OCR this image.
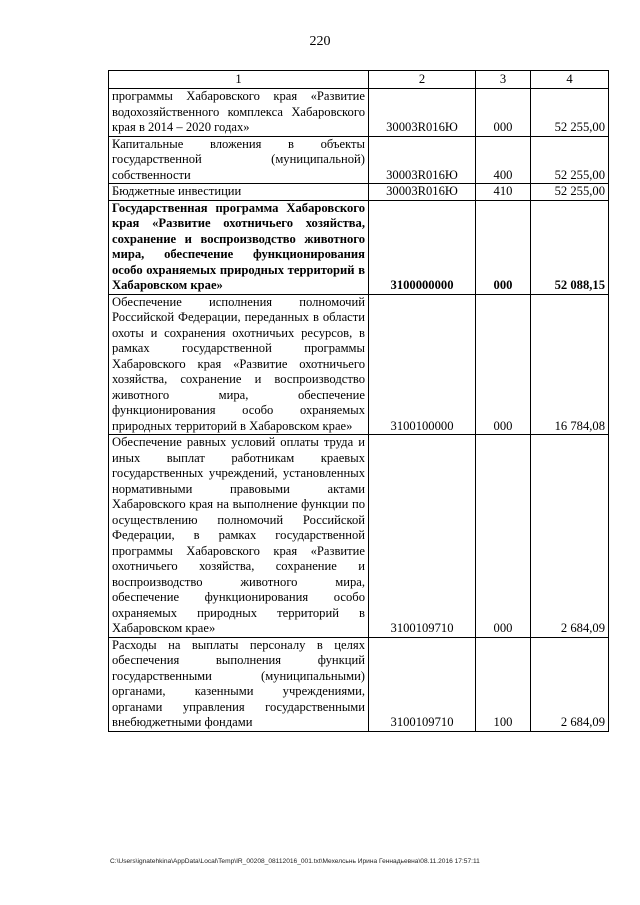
220
1	2	3	4
программы Хабаровского края «Развитие водохозяйственного комплекса Хабаровского края в 2014 – 2020 годах»	30003R016Ю	000	52 255,00
Капитальные вложения в объекты государственной (муниципальной) собственности	30003R016Ю	400	52 255,00
Бюджетные инвестиции	30003R016Ю	410	52 255,00
Государственная программа Хабаровского края «Развитие охотничьего хозяйства, сохранение и воспроизводство животного мира, обеспечение функционирования особо охраняемых природных территорий в Хабаровском крае»	3100000000	000	52 088,15
Обеспечение исполнения полномочий Российской Федерации, переданных в области охоты и сохранения охотничьих ресурсов, в рамках государственной программы Хабаровского края «Развитие охотничьего хозяйства, сохранение и воспроизводство животного мира, обеспечение функционирования особо охраняемых природных территорий в Хабаровском крае»	3100100000	000	16 784,08
Обеспечение равных условий оплаты труда и иных выплат работникам краевых государственных учреждений, установленных нормативными правовыми актами Хабаровского края на выполнение функции по осуществлению полномочий Российской Федерации, в рамках государственной программы Хабаровского края «Развитие охотничьего хозяйства, сохранение и воспроизводство животного мира, обеспечение функционирования особо охраняемых природных территорий в Хабаровском крае»	3100109710	000	2 684,09
Расходы на выплаты персоналу в целях обеспечения выполнения функций государственными (муниципальными) органами, казенными учреждениями, органами управления государственными внебюджетными фондами	3100109710	100	2 684,09
C:\Users\ignatehkina\AppData\Local\Temp\IR_00208_08112016_001.txt\Мехелсьнь Ирина Геннадьевна\08.11.2016 17:57:11
